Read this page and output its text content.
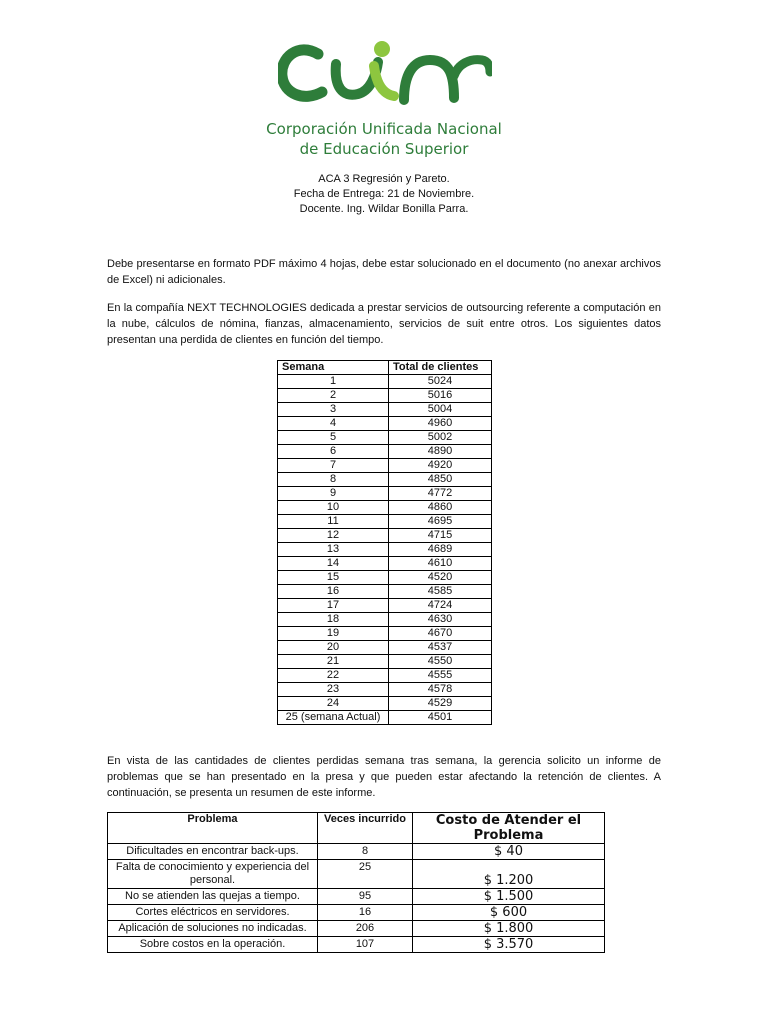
Corporación Unificada Nacional
de Educación Superior
ACA 3 Regresión y Pareto.
Fecha de Entrega: 21 de Noviembre.
Docente. Ing. Wildar Bonilla Parra.
Debe presentarse en formato PDF máximo 4 hojas, debe estar solucionado en el documento (no anexar archivos de Excel) ni adicionales.
En la compañía NEXT TECHNOLOGIES dedicada a prestar servicios de outsourcing referente a computación en la nube, cálculos de nómina, fianzas, almacenamiento, servicios de suit entre otros. Los siguientes datos presentan una perdida de clientes en función del tiempo.
Semana	Total de clientes
1	5024
2	5016
3	5004
4	4960
5	5002
6	4890
7	4920
8	4850
9	4772
10	4860
11	4695
12	4715
13	4689
14	4610
15	4520
16	4585
17	4724
18	4630
19	4670
20	4537
21	4550
22	4555
23	4578
24	4529
25 (semana Actual)	4501
En vista de las cantidades de clientes perdidas semana tras semana, la gerencia solicito un informe de problemas que se han presentado en la presa y que pueden estar afectando la retención de clientes. A continuación, se presenta un resumen de este informe.
Problema	Veces incurrido	Costo de Atender el Problema
Dificultades en encontrar back-ups.	8	$ 40
Falta de conocimiento y experiencia del personal.	25	$ 1.200
No se atienden las quejas a tiempo.	95	$ 1.500
Cortes eléctricos en servidores.	16	$ 600
Aplicación de soluciones no indicadas.	206	$ 1.800
Sobre costos en la operación.	107	$ 3.570
